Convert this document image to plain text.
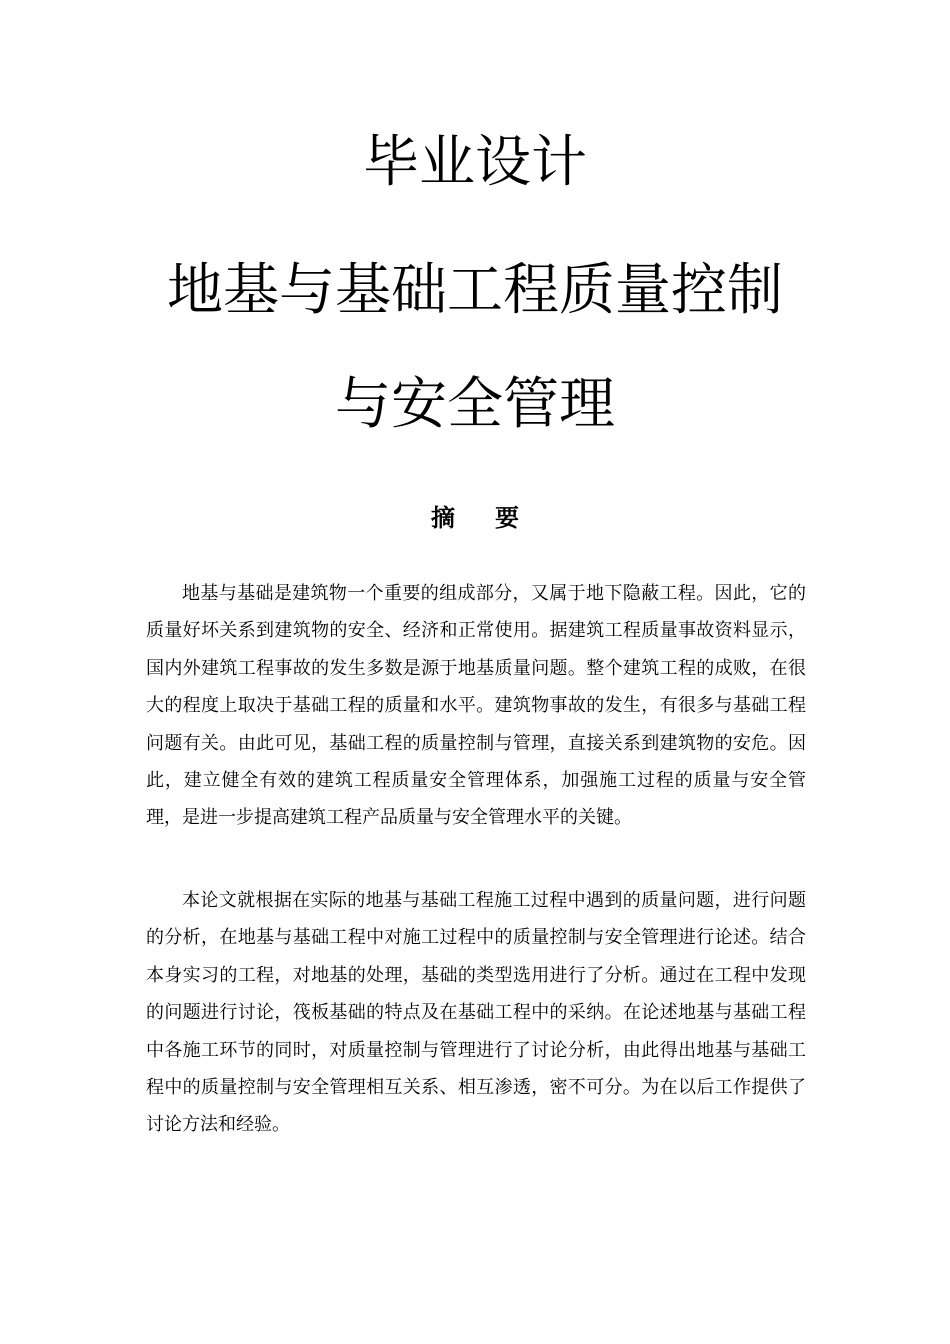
毕业设计
地基与基础工程质量控制
与安全管理
摘要

地基与基础是建筑物一个重要的组成部分，又属于地下隐蔽工程。因此，它的质量好坏关系到建筑物的安全、经济和正常使用。据建筑工程质量事故资料显示，国内外建筑工程事故的发生多数是源于地基质量问题。整个建筑工程的成败，在很大的程度上取决于基础工程的质量和水平。建筑物事故的发生，有很多与基础工程问题有关。由此可见，基础工程的质量控制与管理，直接关系到建筑物的安危。因此，建立健全有效的建筑工程质量安全管理体系，加强施工过程的质量与安全管理，是进一步提高建筑工程产品质量与安全管理水平的关键。

本论文就根据在实际的地基与基础工程施工过程中遇到的质量问题，进行问题的分析，在地基与基础工程中对施工过程中的质量控制与安全管理进行论述。结合本身实习的工程，对地基的处理，基础的类型选用进行了分析。通过在工程中发现的问题进行讨论，筏板基础的特点及在基础工程中的采纳。在论述地基与基础工程中各施工环节的同时，对质量控制与管理进行了讨论分析，由此得出地基与基础工程中的质量控制与安全管理相互关系、相互渗透，密不可分。为在以后工作提供了讨论方法和经验。
